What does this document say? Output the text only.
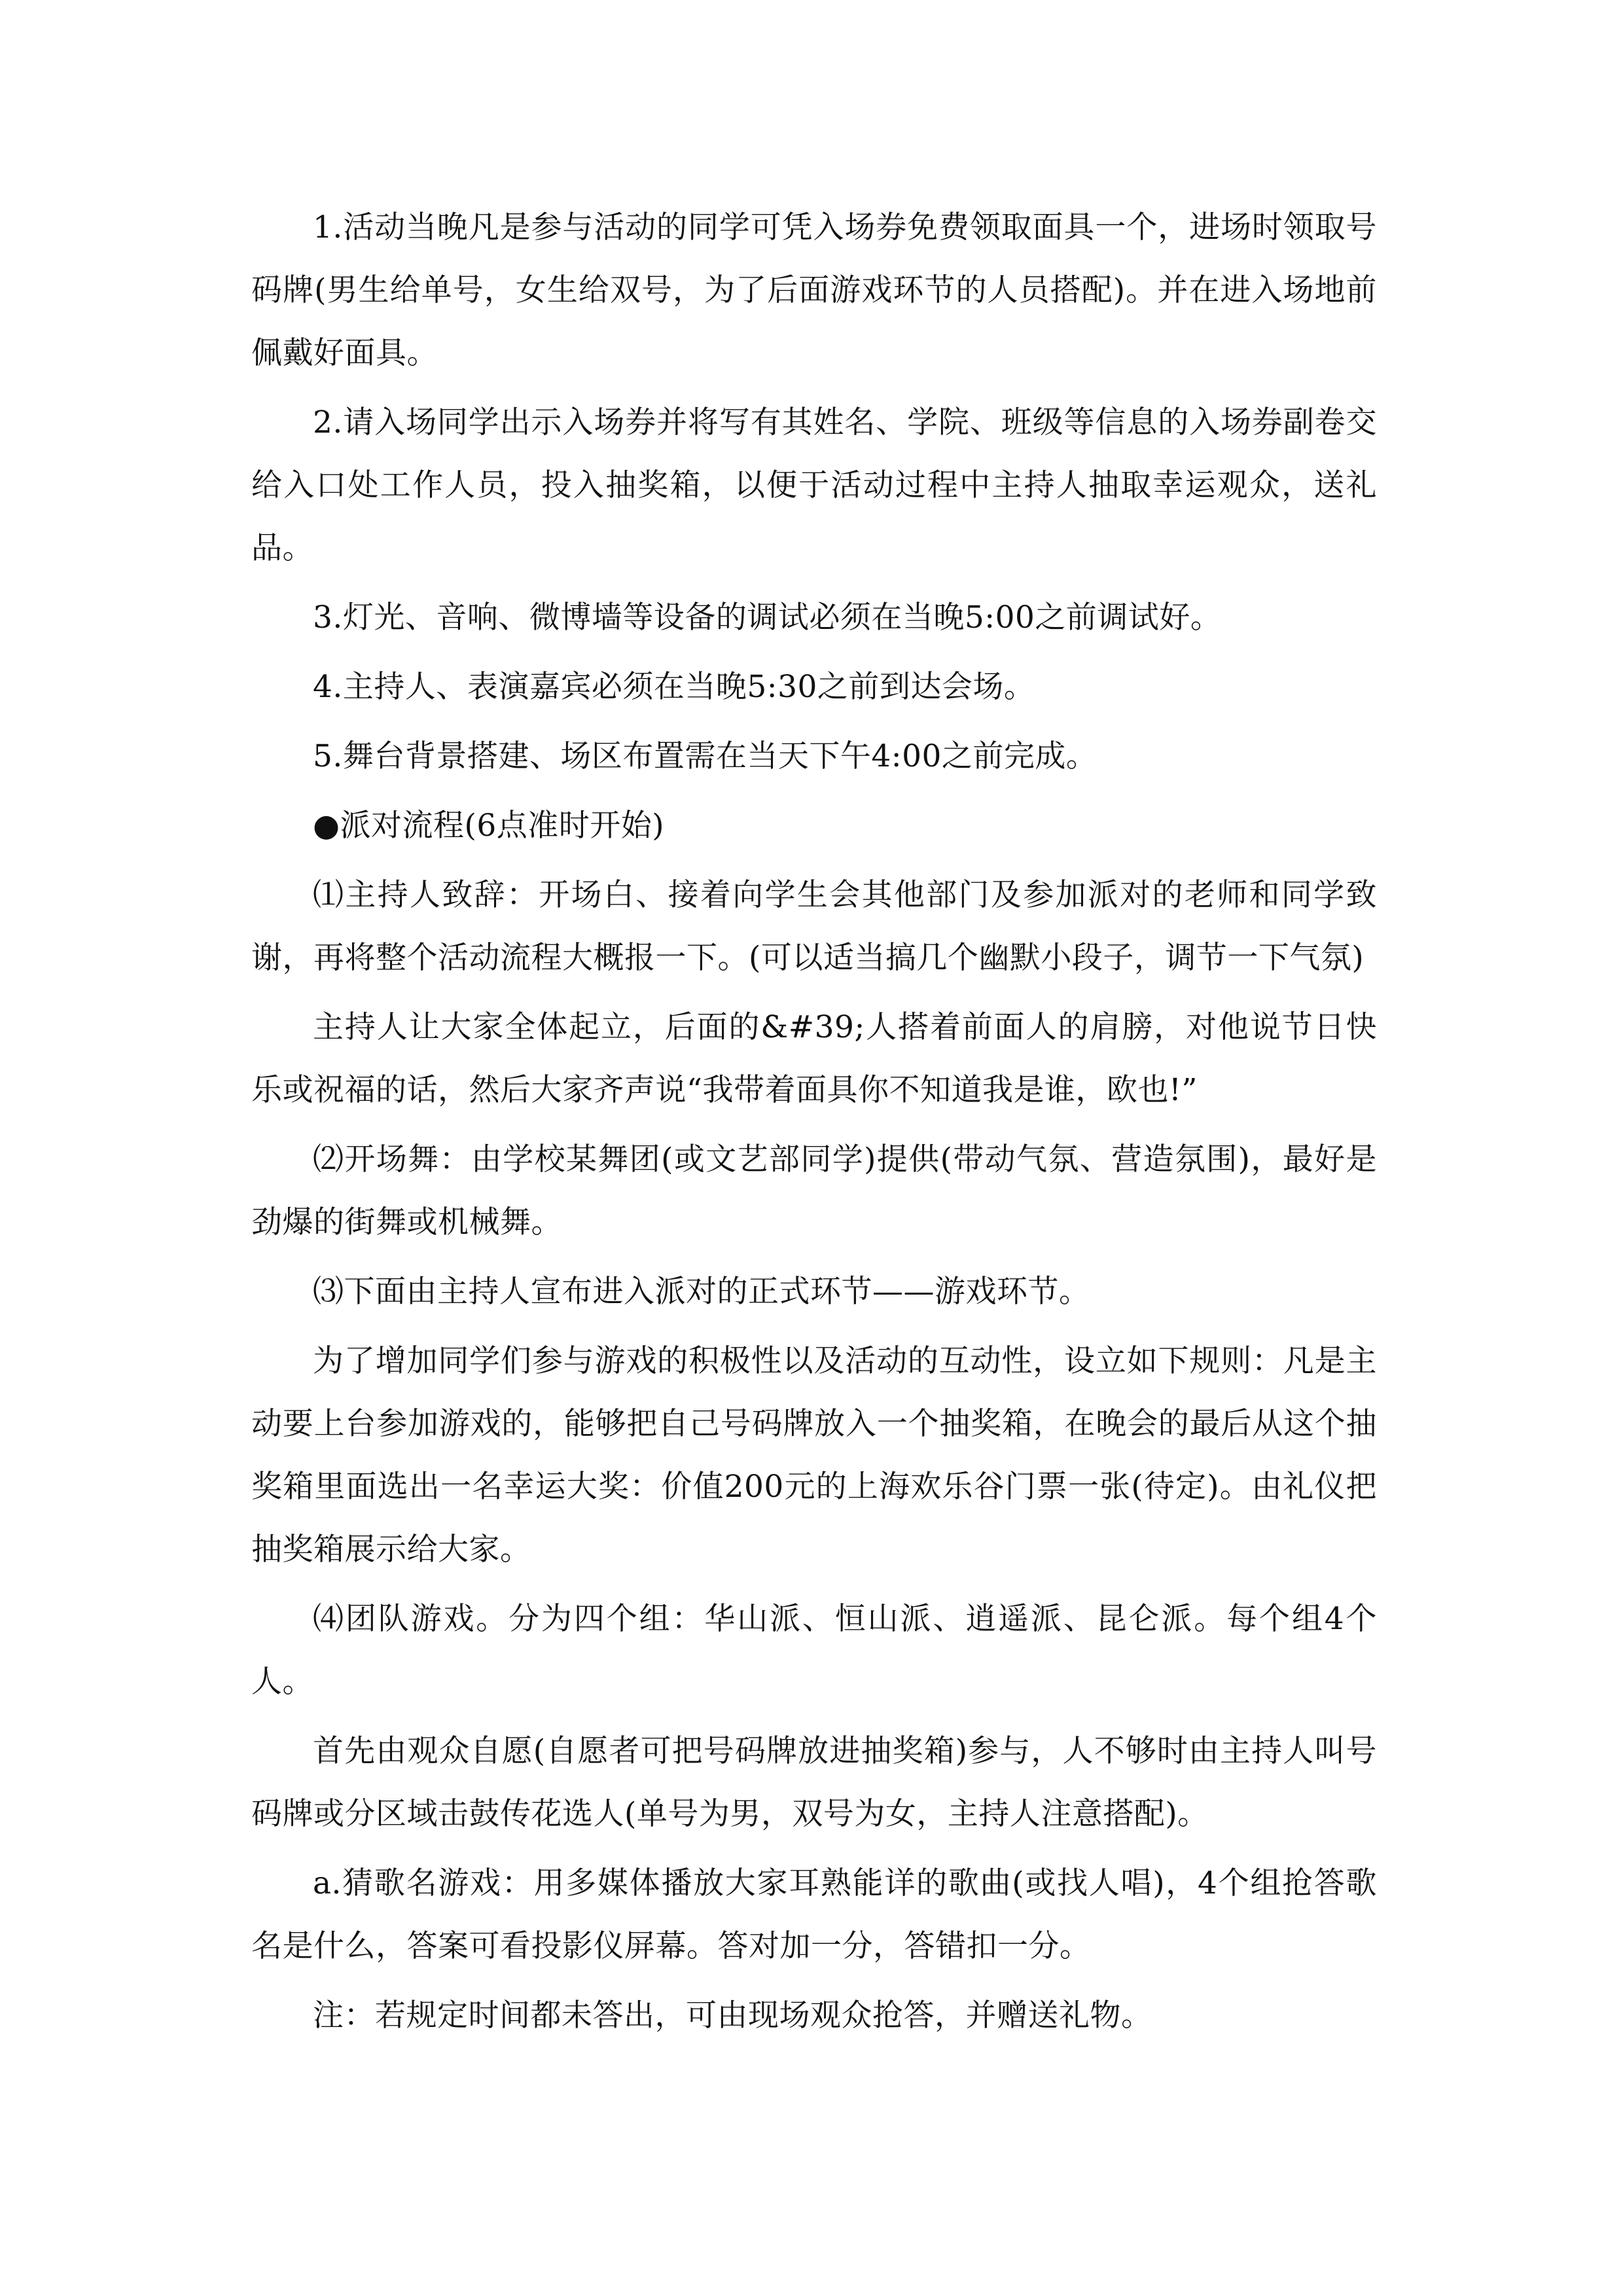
1.活动当晚凡是参与活动的同学可凭入场券免费领取面具一个，进场时领取号码牌(男生给单号，女生给双号，为了后面游戏环节的人员搭配)。并在进入场地前佩戴好面具。

2.请入场同学出示入场券并将写有其姓名、学院、班级等信息的入场券副卷交给入口处工作人员，投入抽奖箱，以便于活动过程中主持人抽取幸运观众，送礼品。

3.灯光、音响、微博墙等设备的调试必须在当晚5:00之前调试好。

4.主持人、表演嘉宾必须在当晚5:30之前到达会场。

5.舞台背景搭建、场区布置需在当天下午4:00之前完成。

●派对流程(6点准时开始)

⑴主持人致辞：开场白、接着向学生会其他部门及参加派对的老师和同学致谢，再将整个活动流程大概报一下。(可以适当搞几个幽默小段子，调节一下气氛)

主持人让大家全体起立，后面的&#39;人搭着前面人的肩膀，对他说节日快乐或祝福的话，然后大家齐声说“我带着面具你不知道我是谁，欧也!”

⑵开场舞：由学校某舞团(或文艺部同学)提供(带动气氛、营造氛围)，最好是劲爆的街舞或机械舞。

⑶下面由主持人宣布进入派对的正式环节——游戏环节。

为了增加同学们参与游戏的积极性以及活动的互动性，设立如下规则：凡是主动要上台参加游戏的，能够把自己号码牌放入一个抽奖箱，在晚会的最后从这个抽奖箱里面选出一名幸运大奖：价值200元的上海欢乐谷门票一张(待定)。由礼仪把抽奖箱展示给大家。

⑷团队游戏。分为四个组：华山派、恒山派、逍遥派、昆仑派。每个组4个人。

首先由观众自愿(自愿者可把号码牌放进抽奖箱)参与，人不够时由主持人叫号码牌或分区域击鼓传花选人(单号为男，双号为女，主持人注意搭配)。

a.猜歌名游戏：用多媒体播放大家耳熟能详的歌曲(或找人唱)，4个组抢答歌名是什么，答案可看投影仪屏幕。答对加一分，答错扣一分。

注：若规定时间都未答出，可由现场观众抢答，并赠送礼物。
